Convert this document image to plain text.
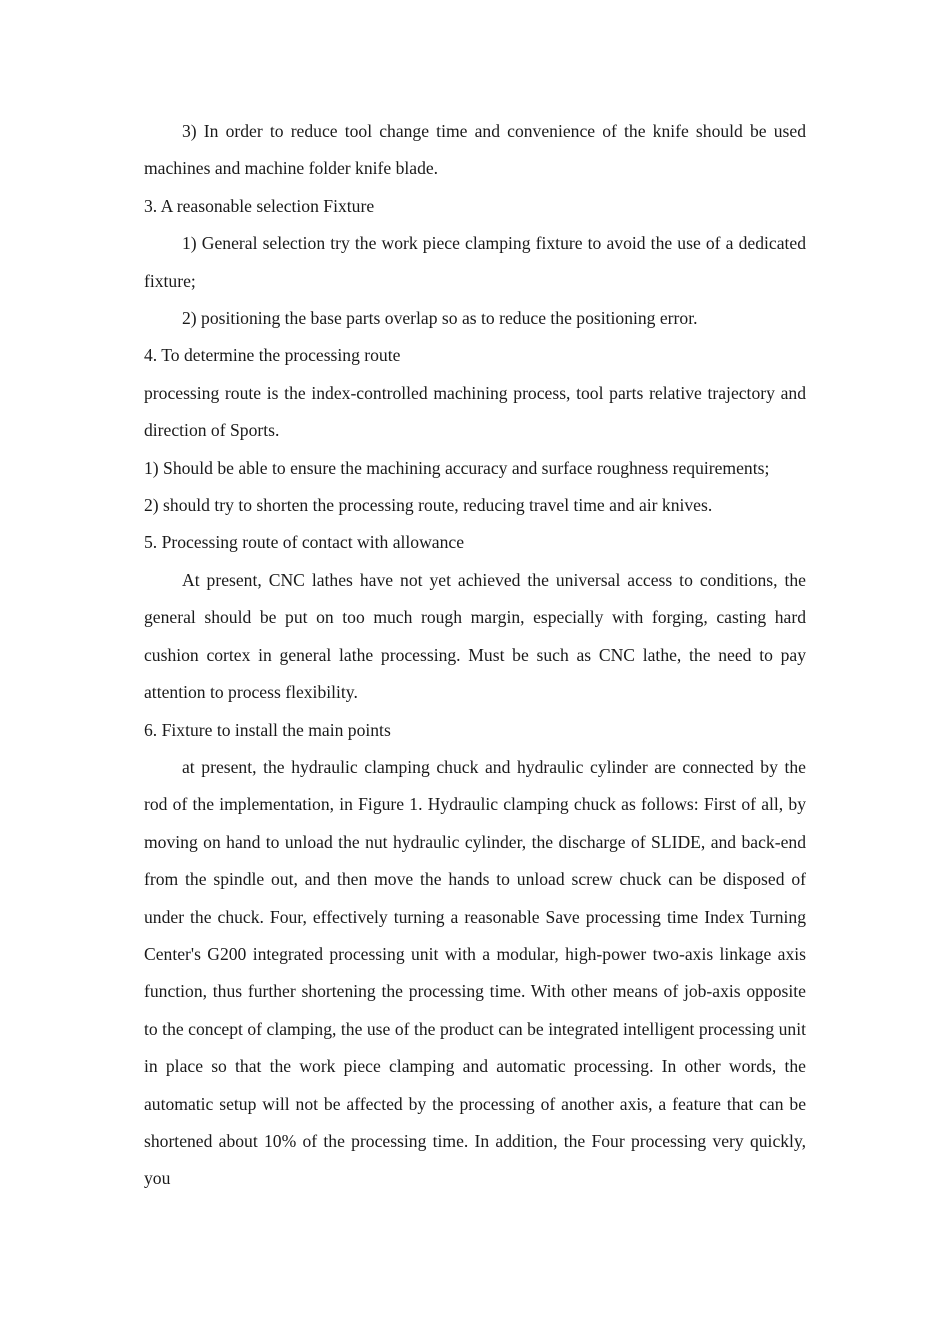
3) In order to reduce tool change time and convenience of the knife should be used machines and machine folder knife blade.

3. A reasonable selection Fixture

1) General selection try the work piece clamping fixture to avoid the use of a dedicated fixture;

2) positioning the base parts overlap so as to reduce the positioning error.

4. To determine the processing route

processing route is the index-controlled machining process, tool parts relative trajectory and direction of Sports.

1) Should be able to ensure the machining accuracy and surface roughness requirements;

2) should try to shorten the processing route, reducing travel time and air knives.

5. Processing route of contact with allowance

At present, CNC lathes have not yet achieved the universal access to conditions, the general should be put on too much rough margin, especially with forging, casting hard cushion cortex in general lathe processing. Must be such as CNC lathe, the need to pay attention to process flexibility.

6. Fixture to install the main points

at present, the hydraulic clamping chuck and hydraulic cylinder are connected by the rod of the implementation, in Figure 1. Hydraulic clamping chuck as follows: First of all, by moving on hand to unload the nut hydraulic cylinder, the discharge of SLIDE, and back-end from the spindle out, and then move the hands to unload screw chuck can be disposed of under the chuck. Four, effectively turning a reasonable Save processing time Index Turning Center's G200 integrated processing unit with a modular, high-power two-axis linkage axis function, thus further shortening the processing time. With other means of job-axis opposite to the concept of clamping, the use of the product can be integrated intelligent processing unit in place so that the work piece clamping and automatic processing. In other words, the automatic setup will not be affected by the processing of another axis, a feature that can be shortened about 10% of the processing time. In addition, the Four processing very quickly, you
